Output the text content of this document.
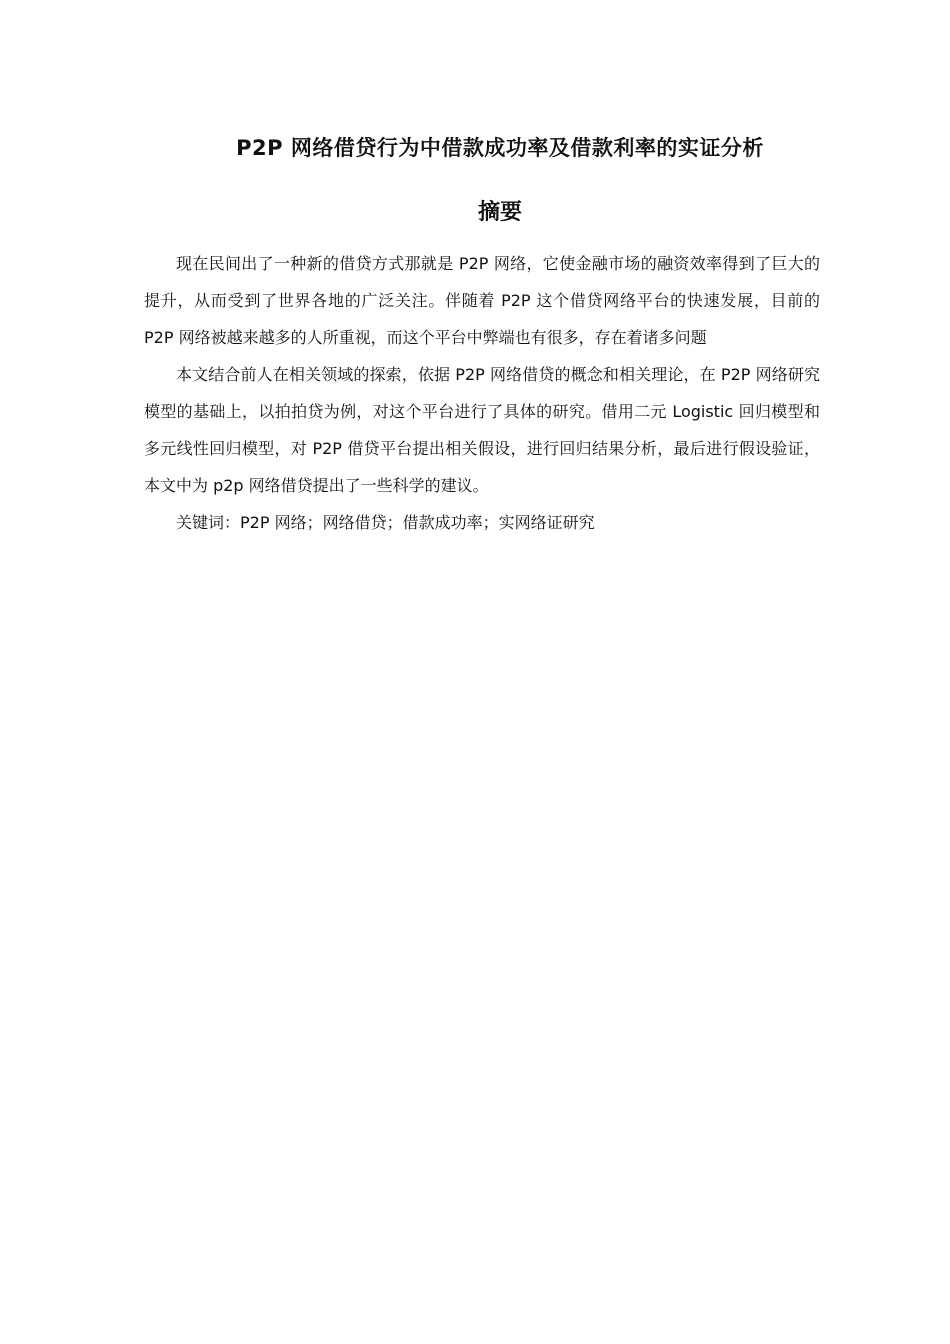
P2P 网络借贷行为中借款成功率及借款利率的实证分析
摘要

现在民间出了一种新的借贷方式那就是 P2P 网络，它使金融市场的融资效率得到了巨大的提升，从而受到了世界各地的广泛关注。伴随着 P2P 这个借贷网络平台的快速发展，目前的 P2P 网络被越来越多的人所重视，而这个平台中弊端也有很多，存在着诸多问题

本文结合前人在相关领域的探索，依据 P2P 网络借贷的概念和相关理论，在 P2P 网络研究模型的基础上，以拍拍贷为例，对这个平台进行了具体的研究。借用二元 Logistic 回归模型和多元线性回归模型，对 P2P 借贷平台提出相关假设，进行回归结果分析，最后进行假设验证，本文中为 p2p 网络借贷提出了一些科学的建议。

关键词：P2P 网络；网络借贷；借款成功率；实网络证研究
